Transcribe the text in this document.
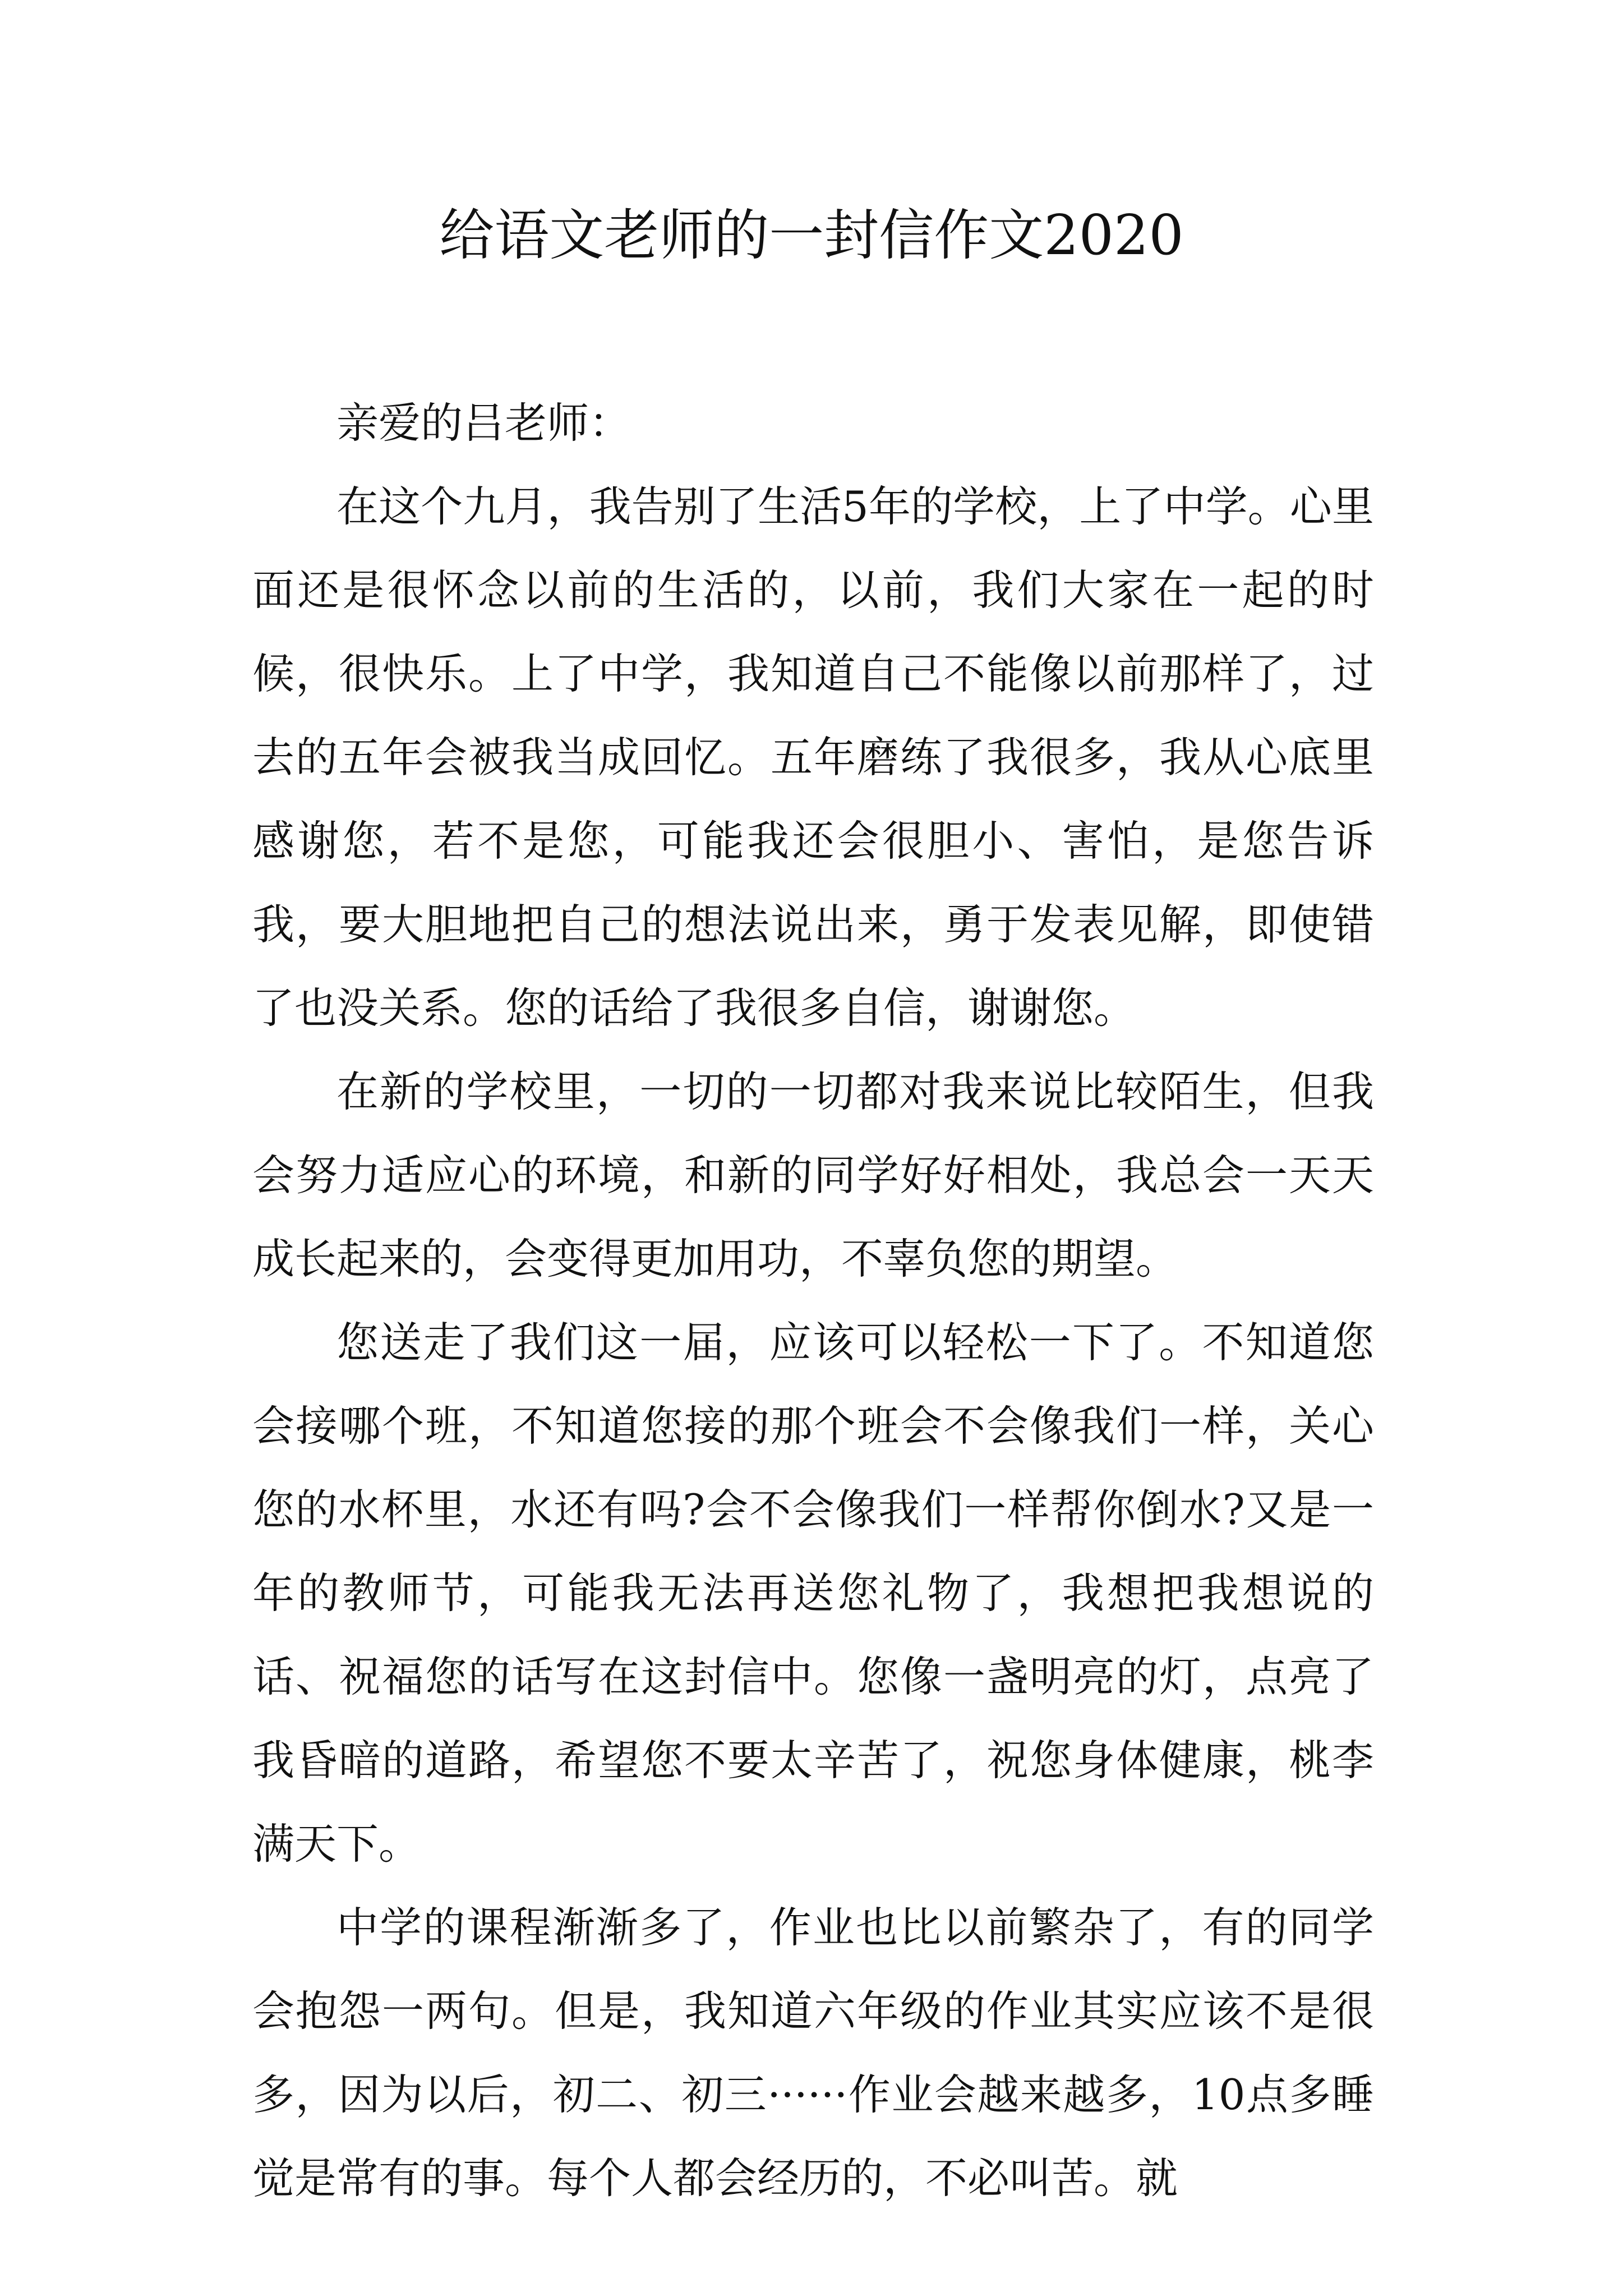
给语文老师的一封信作文2020

亲爱的吕老师：

在这个九月，我告别了生活5年的学校，上了中学。心里面还是很怀念以前的生活的，以前，我们大家在一起的时候，很快乐。上了中学，我知道自己不能像以前那样了，过去的五年会被我当成回忆。五年磨练了我很多，我从心底里感谢您，若不是您，可能我还会很胆小、害怕，是您告诉我，要大胆地把自己的想法说出来，勇于发表见解，即使错了也没关系。您的话给了我很多自信，谢谢您。

在新的学校里，一切的一切都对我来说比较陌生，但我会努力适应心的环境，和新的同学好好相处，我总会一天天成长起来的，会变得更加用功，不辜负您的期望。

您送走了我们这一届，应该可以轻松一下了。不知道您会接哪个班，不知道您接的那个班会不会像我们一样，关心您的水杯里，水还有吗?会不会像我们一样帮你倒水?又是一年的教师节，可能我无法再送您礼物了，我想把我想说的话、祝福您的话写在这封信中。您像一盏明亮的灯，点亮了我昏暗的道路，希望您不要太辛苦了，祝您身体健康，桃李满天下。

中学的课程渐渐多了，作业也比以前繁杂了，有的同学会抱怨一两句。但是，我知道六年级的作业其实应该不是很多，因为以后，初二、初三······作业会越来越多，10点多睡觉是常有的事。每个人都会经历的，不必叫苦。就
